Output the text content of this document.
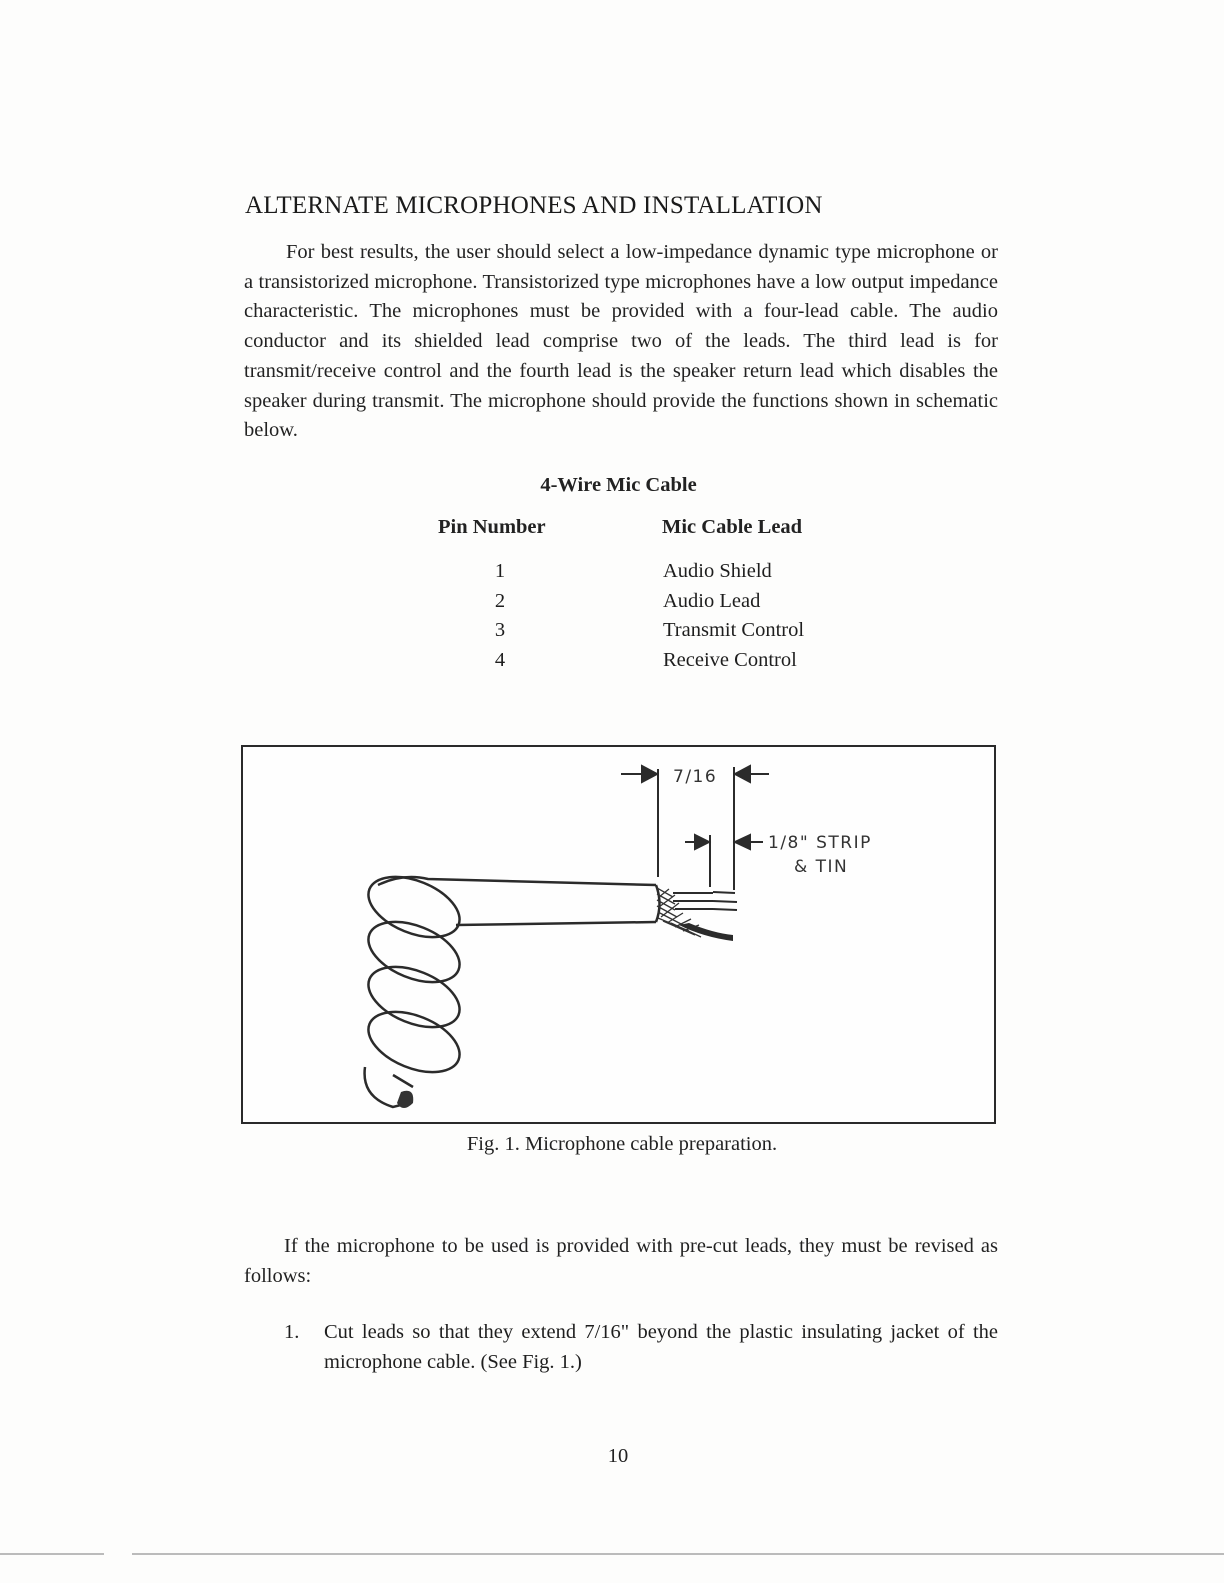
ALTERNATE MICROPHONES AND INSTALLATION

For best results, the user should select a low-impedance dynamic type microphone or a transistorized microphone. Transistorized type microphones have a low output impedance characteristic. The microphones must be provided with a four-lead cable. The audio conductor and its shielded lead comprise two of the leads. The third lead is for transmit/receive control and the fourth lead is the speaker return lead which disables the speaker during transmit. The microphone should provide the functions shown in schematic below.

4-Wire Mic Cable
Pin Number	Mic Cable Lead
1	Audio Shield
2	Audio Lead
3	Transmit Control
4	Receive Control
7/16
1/8" STRIP
& TIN
Fig. 1. Microphone cable preparation.

If the microphone to be used is provided with pre-cut leads, they must be revised as follows:

1. Cut leads so that they extend 7/16" beyond the plastic insulating jacket of the microphone cable. (See Fig. 1.)
10
